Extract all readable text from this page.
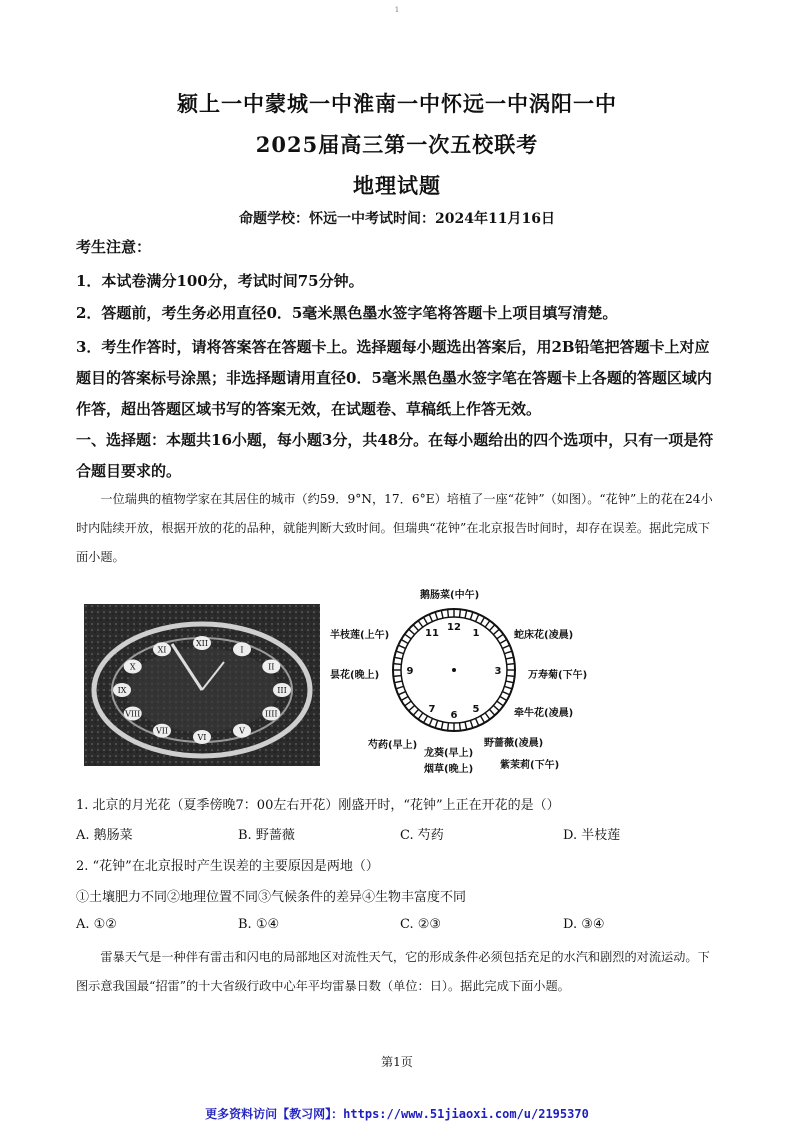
1
颍上一中蒙城一中淮南一中怀远一中涡阳一中
2025届高三第一次五校联考
地理试题
命题学校：怀远一中考试时间：2024年11月16日
考生注意：
1．本试卷满分100分，考试时间75分钟。
2．答题前，考生务必用直径0．5毫米黑色墨水签字笔将答题卡上项目填写清楚。
3．考生作答时，请将答案答在答题卡上。选择题每小题选出答案后，用2B铅笔把答题卡上对应题目的答案标号涂黑；非选择题请用直径0．5毫米黑色墨水签字笔在答题卡上各题的答题区域内作答，超出答题区域书写的答案无效，在试题卷、草稿纸上作答无效。
一、选择题：本题共16小题，每小题3分，共48分。在每小题给出的四个选项中，只有一项是符合题目要求的。
一位瑞典的植物学家在其居住的城市（约59．9°N，17．6°E）培植了一座“花钟”（如图）。“花钟”上的花在24小时内陆续开放，根据开放的花的品种，就能判断大致时间。但瑞典“花钟”在北京报告时间时，却存在误差。据此完成下面小题。
XII
I
II
III
IIII
V
VI
VII
VIII
IX
X
XI
12
1
3
5
6
7
9
11
鹅肠菜(中午)
半枝莲(上午)	蛇床花(凌晨)
昙花(晚上)	万寿菊(下午)
牵牛花(凌晨)
芍药(早上)	野蔷薇(凌晨)
龙葵(早上)
烟草(晚上)	紫茉莉(下午)
1. 北京的月光花（夏季傍晚7：00左右开花）刚盛开时，“花钟”上正在开花的是（）
A. 鹅肠菜	B. 野蔷薇	C. 芍药	D. 半枝莲
2. “花钟”在北京报时产生误差的主要原因是两地（）
①土壤肥力不同②地理位置不同③气候条件的差异④生物丰富度不同
A. ①②	B. ①④	C. ②③	D. ③④
雷暴天气是一种伴有雷击和闪电的局部地区对流性天气，它的形成条件必须包括充足的水汽和剧烈的对流运动。下图示意我国最“招雷”的十大省级行政中心年平均雷暴日数（单位：日）。据此完成下面小题。
第1页
更多资料访问【教习网】：https://www.51jiaoxi.com/u/2195370
